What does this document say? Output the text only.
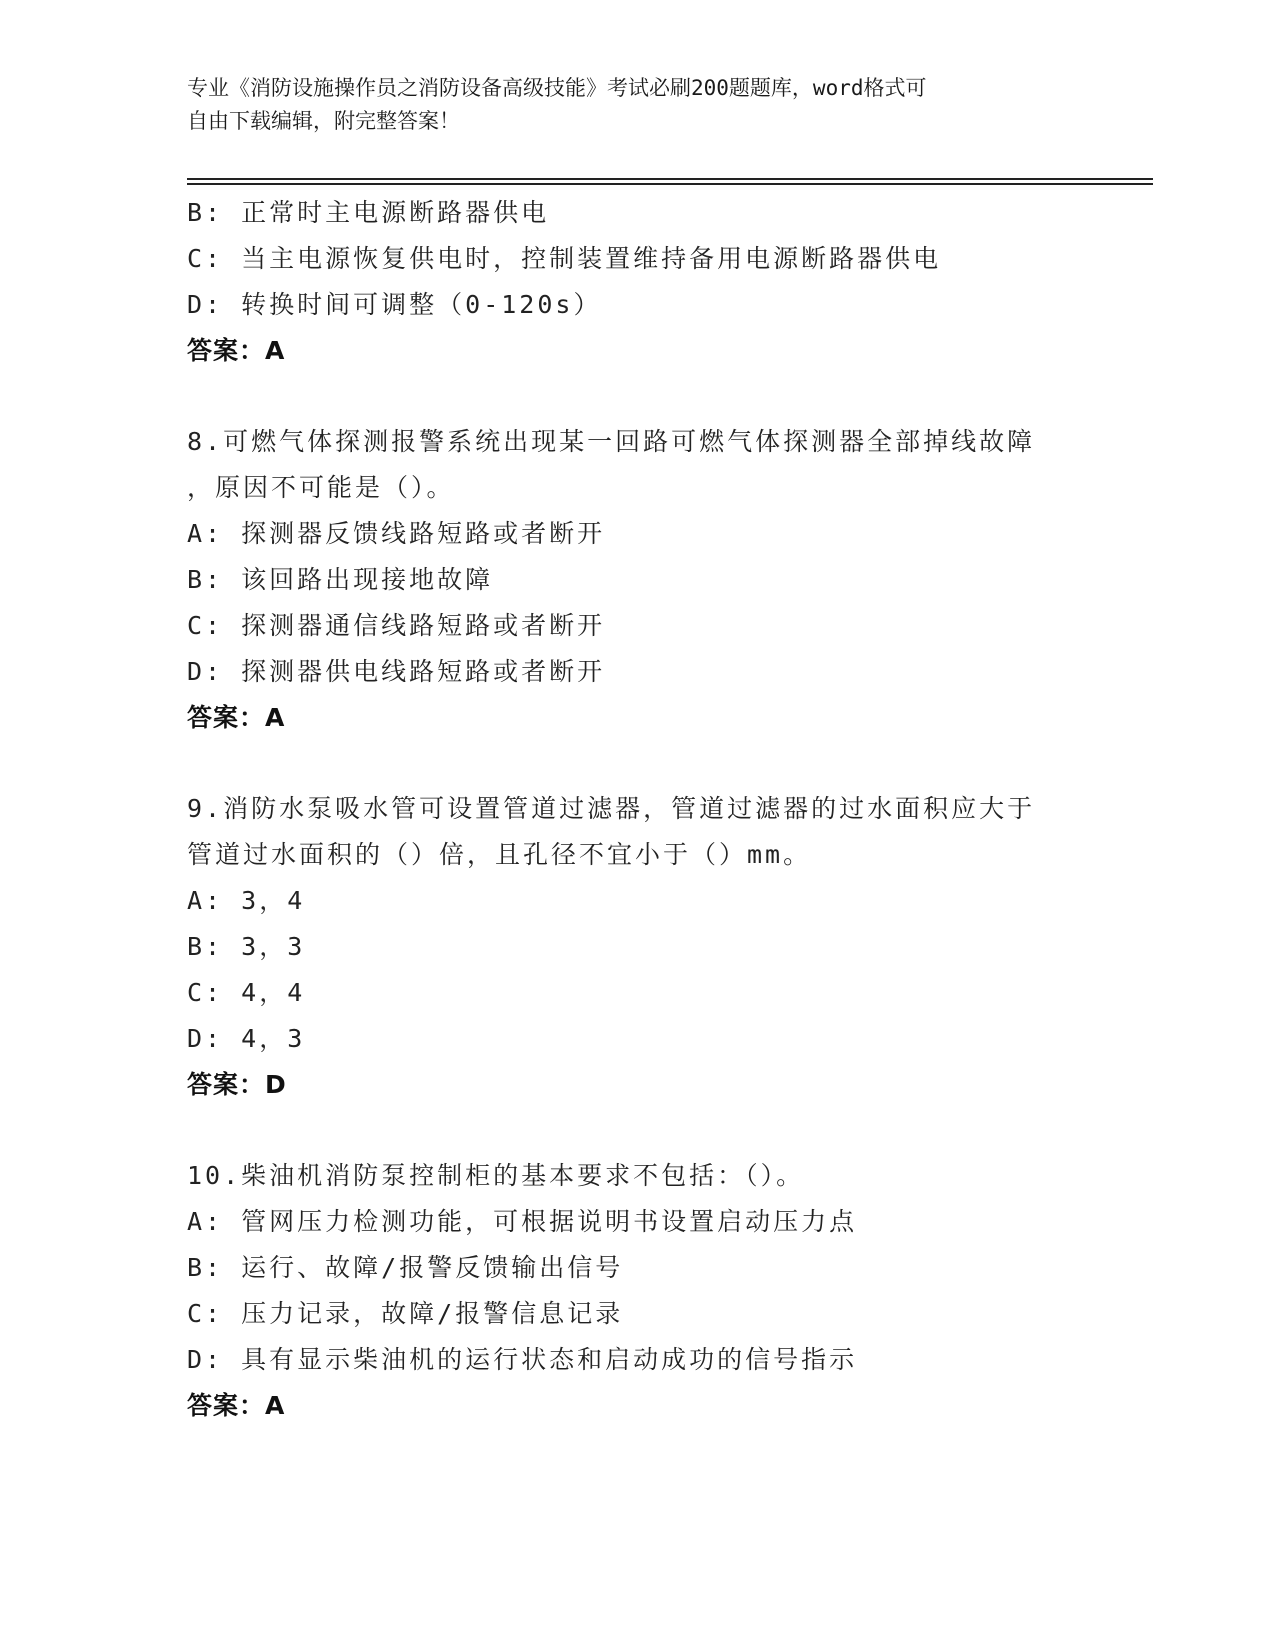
专业《消防设施操作员之消防设备高级技能》考试必刷200题题库，word格式可
自由下载编辑，附完整答案！
B: 正常时主电源断路器供电
C: 当主电源恢复供电时，控制装置维持备用电源断路器供电
D: 转换时间可调整（0-120s）
答案：A
8.可燃气体探测报警系统出现某一回路可燃气体探测器全部掉线故障
，原因不可能是（）。
A: 探测器反馈线路短路或者断开
B: 该回路出现接地故障
C: 探测器通信线路短路或者断开
D: 探测器供电线路短路或者断开
答案：A
9.消防水泵吸水管可设置管道过滤器，管道过滤器的过水面积应大于
管道过水面积的（）倍，且孔径不宜小于（）mm。
A: 3，4
B: 3，3
C: 4，4
D: 4，3
答案：D
10.柴油机消防泵控制柜的基本要求不包括：（）。
A: 管网压力检测功能，可根据说明书设置启动压力点
B: 运行、故障/报警反馈输出信号
C: 压力记录，故障/报警信息记录
D: 具有显示柴油机的运行状态和启动成功的信号指示
答案：A
